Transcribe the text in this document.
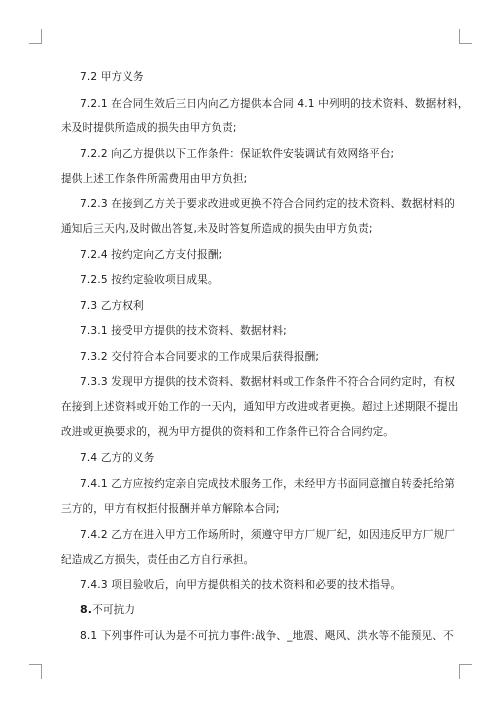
7.2 甲方义务
7.2.1 在合同生效后三日内向乙方提供本合同 4.1 中列明的技术资料、数据材料，
未及时提供所造成的损失由甲方负责;
7.2.2 向乙方提供以下工作条件：保证软件安装调试有效网络平台;
提供上述工作条件所需费用由甲方负担;
7.2.3 在接到乙方关于要求改进或更换不符合合同约定的技术资料、数据材料的
通知后三天内,及时做出答复,未及时答复所造成的损失由甲方负责;
7.2.4 按约定向乙方支付报酬;
7.2.5 按约定验收项目成果。
7.3 乙方权利
7.3.1 接受甲方提供的技术资料、数据材料;
7.3.2 交付符合本合同要求的工作成果后获得报酬;
7.3.3 发现甲方提供的技术资料、数据材料或工作条件不符合合同约定时，有权
在接到上述资料或开始工作的一天内，通知甲方改进或者更换。超过上述期限不提出
改进或更换要求的，视为甲方提供的资料和工作条件已符合合同约定。
7.4 乙方的义务
7.4.1 乙方应按约定亲自完成技术服务工作，未经甲方书面同意擅自转委托给第
三方的，甲方有权拒付报酬并单方解除本合同;
7.4.2 乙方在进入甲方工作场所时，须遵守甲方厂规厂纪，如因违反甲方厂规厂
纪造成乙方损失，责任由乙方自行承担。
7.4.3 项目验收后，向甲方提供相关的技术资料和必要的技术指导。
8.不可抗力
8.1 下列事件可认为是不可抗力事件:战争、_地震、飓风、洪水等不能预见、不
